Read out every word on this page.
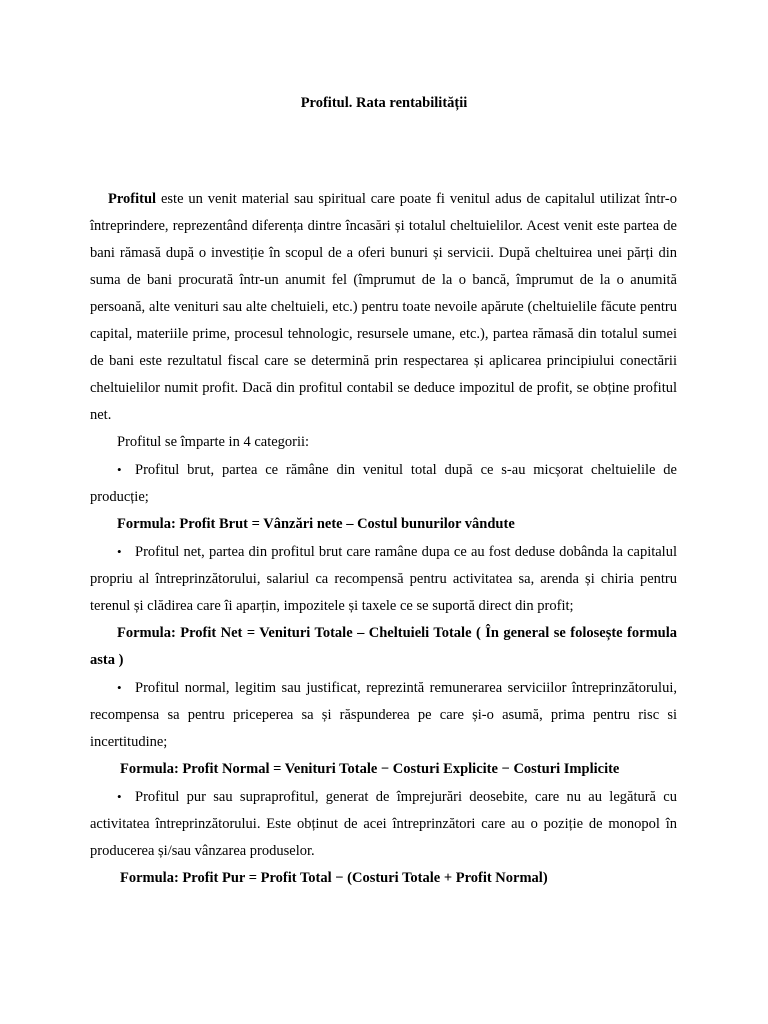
Profitul. Rata rentabilității

Profitul este un venit material sau spiritual care poate fi venitul adus de capitalul utilizat într-o întreprindere, reprezentând diferența dintre încasări și totalul cheltuielilor. Acest venit este partea de bani rămasă după o investiție în scopul de a oferi bunuri și servicii. După cheltuirea unei părți din suma de bani procurată într-un anumit fel (împrumut de la o bancă, împrumut de la o anumită persoană, alte venituri sau alte cheltuieli, etc.) pentru toate nevoile apărute (cheltuielile făcute pentru capital, materiile prime, procesul tehnologic, resursele umane, etc.), partea rămasă din totalul sumei de bani este rezultatul fiscal care se determină prin respectarea și aplicarea principiului conectării cheltuielilor numit profit. Dacă din profitul contabil se deduce impozitul de profit, se obține profitul net.

Profitul se împarte in 4 categorii:

• Profitul brut, partea ce rămâne din venitul total după ce s-au micșorat cheltuielile de producție;

Formula: Profit Brut = Vânzări nete – Costul bunurilor vândute

• Profitul net, partea din profitul brut care ramâne dupa ce au fost deduse dobânda la capitalul propriu al întreprinzătorului, salariul ca recompensă pentru activitatea sa, arenda și chiria pentru terenul și clădirea care îi aparțin, impozitele și taxele ce se suportă direct din profit;

Formula: Profit Net = Venituri Totale – Cheltuieli Totale ( În general se folosește formula asta )

• Profitul normal, legitim sau justificat, reprezintă remunerarea serviciilor întreprinzătorului, recompensa sa pentru priceperea sa și răspunderea pe care și-o asumă, prima pentru risc si incertitudine;

Formula: Profit Normal = Venituri Totale − Costuri Explicite − Costuri Implicite

• Profitul pur sau supraprofitul, generat de împrejurări deosebite, care nu au legătură cu activitatea întreprinzătorului. Este obținut de acei întreprinzători care au o poziție de monopol în producerea și/sau vânzarea produselor.

Formula: Profit Pur = Profit Total − (Costuri Totale + Profit Normal)
